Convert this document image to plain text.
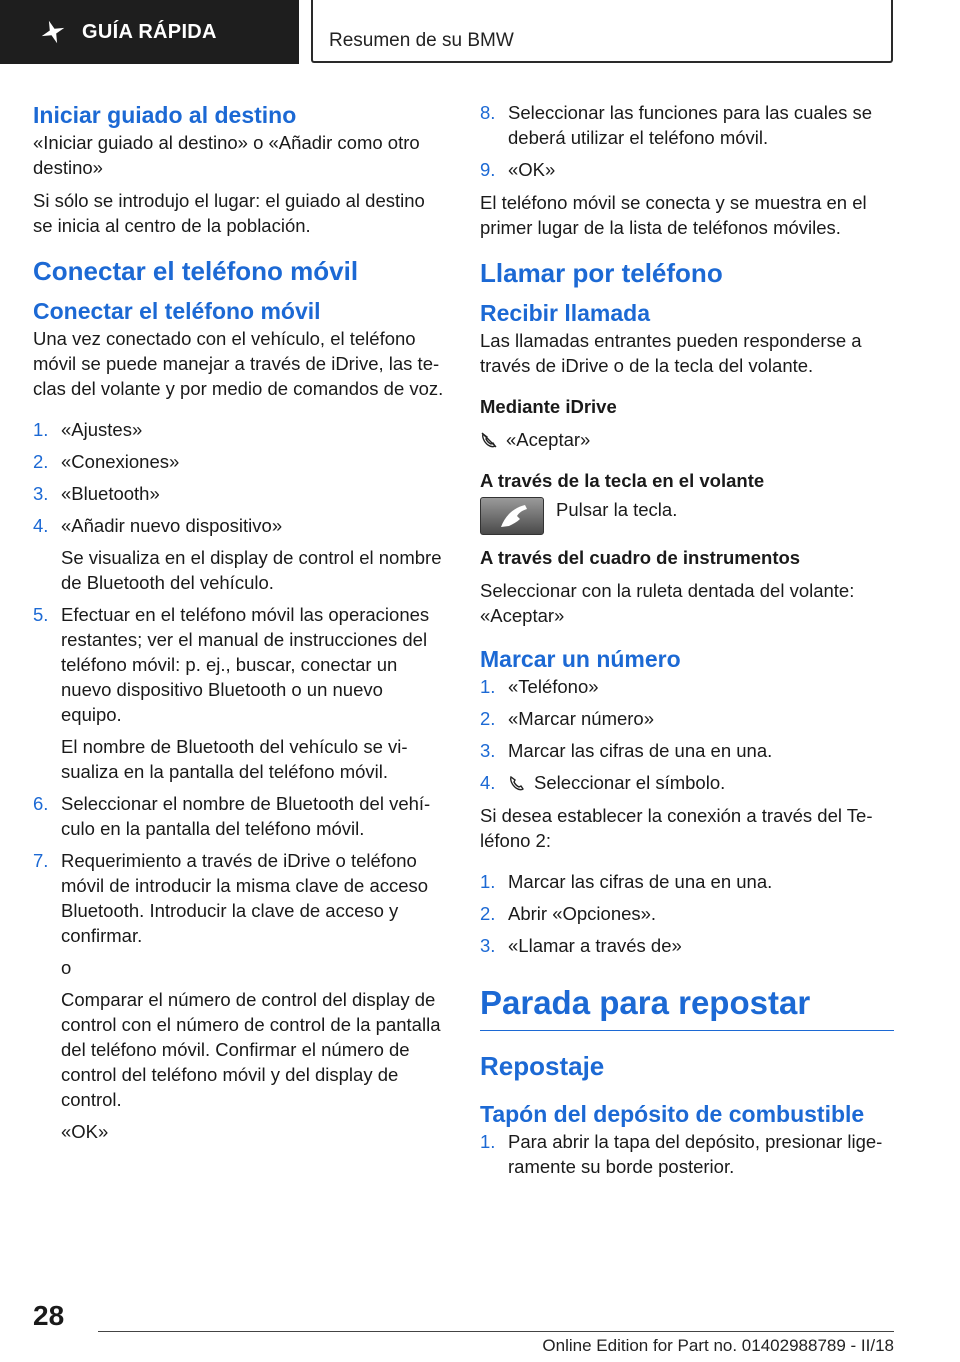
GUÍA RÁPIDA	Resumen de su BMW
Iniciar guiado al destino

«Iniciar guiado al destino» o «Añadir como otro destino»

Si sólo se introdujo el lugar: el guiado al destino se inicia al centro de la población.

Conectar el teléfono móvil
Conectar el teléfono móvil

Una vez conectado con el vehículo, el teléfono móvil se puede manejar a través de iDrive, las teclas del volante y por medio de comandos de voz.

1. «Ajustes»
2. «Conexiones»
3. «Bluetooth»
4. «Añadir nuevo dispositivo»
Se visualiza en el display de control el nombre de Bluetooth del vehículo.
5. Efectuar en el teléfono móvil las operaciones restantes; ver el manual de instrucciones del teléfono móvil: p. ej., buscar, conectar un nuevo dispositivo Bluetooth o un nuevo equipo.
El nombre de Bluetooth del vehículo se visualiza en la pantalla del teléfono móvil.
6. Seleccionar el nombre de Bluetooth del vehículo en la pantalla del teléfono móvil.
7. Requerimiento a través de iDrive o teléfono móvil de introducir la misma clave de acceso Bluetooth. Introducir la clave de acceso y confirmar.
o
Comparar el número de control del display de control con el número de control de la pantalla del teléfono móvil. Confirmar el número de control del teléfono móvil y del display de control.
«OK»
8. Seleccionar las funciones para las cuales se deberá utilizar el teléfono móvil.
9. «OK»

El teléfono móvil se conecta y se muestra en el primer lugar de la lista de teléfonos móviles.

Llamar por teléfono
Recibir llamada

Las llamadas entrantes pueden responderse a través de iDrive o de la tecla del volante.

Mediante iDrive

«Aceptar»

A través de la tecla en el volante

Pulsar la tecla.

A través del cuadro de instrumentos

Seleccionar con la ruleta dentada del volante: «Aceptar»

Marcar un número
1. «Teléfono»
2. «Marcar número»
3. Marcar las cifras de una en una.
4. Seleccionar el símbolo.

Si desea establecer la conexión a través del Teléfono 2:

1. Marcar las cifras de una en una.
2. Abrir «Opciones».
3. «Llamar a través de»
Parada para repostar
Repostaje
Tapón del depósito de combustible
1. Para abrir la tapa del depósito, presionar ligeramente su borde posterior.
28
Online Edition for Part no. 01402988789 - II/18
